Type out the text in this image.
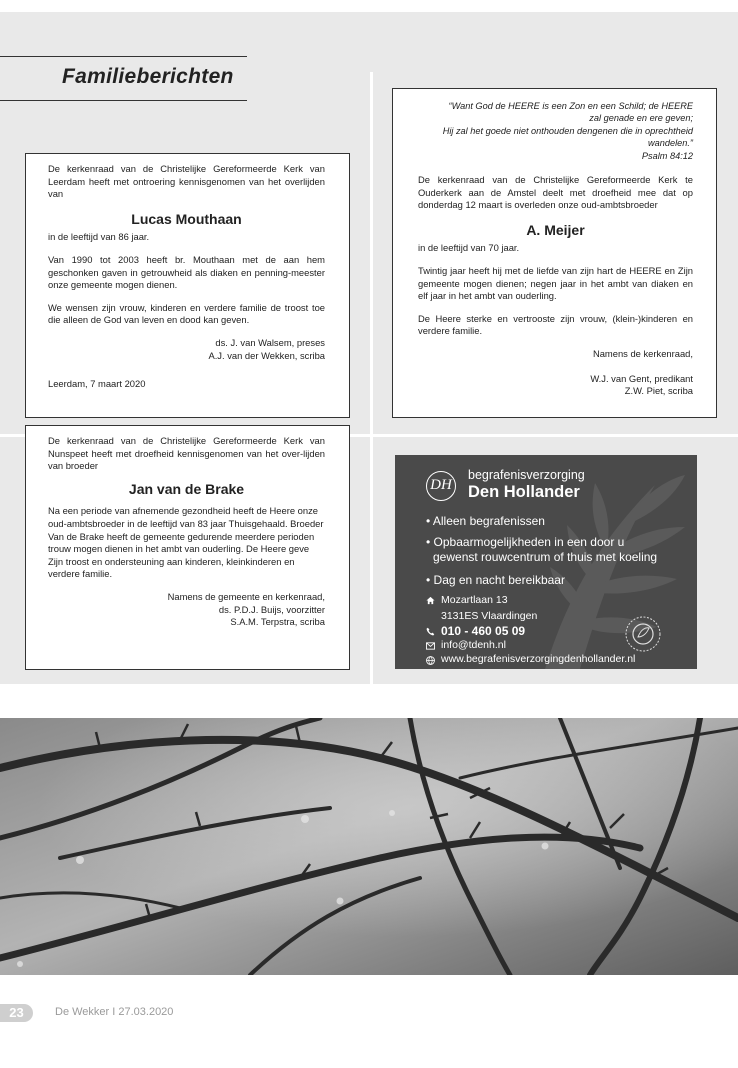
Familieberichten

De kerkenraad van de Christelijke Gereformeerde Kerk van Leerdam heeft met ontroering kennisgenomen van het overlijden van

Lucas Mouthaan

in de leeftijd van 86 jaar.

Van 1990 tot 2003 heeft br. Mouthaan met de aan hem geschonken gaven in getrouwheid als diaken en penning-meester onze gemeente mogen dienen.

We wensen zijn vrouw, kinderen en verdere familie de troost toe die alleen de God van leven en dood kan geven.

ds. J. van Walsem, preses

A.J. van der Wekken, scriba

Leerdam, 7 maart 2020

“Want God de HEERE is een Zon en een Schild; de HEERE

zal genade en ere geven;

Hij zal het goede niet onthouden dengenen die in oprechtheid

wandelen.”

Psalm 84:12

De kerkenraad van de Christelijke Gereformeerde Kerk te Ouderkerk aan de Amstel deelt met droefheid mee dat op donderdag 12 maart is overleden onze oud-ambtsbroeder

A. Meijer

in de leeftijd van 70 jaar.

Twintig jaar heeft hij met de liefde van zijn hart de HEERE en Zijn gemeente mogen dienen; negen jaar in het ambt van diaken en elf jaar in het ambt van ouderling.

De Heere sterke en vertrooste zijn vrouw, (klein-)kinderen en verdere familie.

Namens de kerkenraad,

W.J. van Gent, predikant

Z.W. Piet, scriba

De kerkenraad van de Christelijke Gereformeerde Kerk van Nunspeet heeft met droefheid kennisgenomen van het over-lijden van broeder

Jan van de Brake

Na een periode van afnemende gezondheid heeft de Heere onze oud-ambtsbroeder in de leeftijd van 83 jaar Thuisgehaald. Broeder Van de Brake heeft de gemeente gedurende meerdere perioden trouw mogen dienen in het ambt van ouderling. De Heere geve Zijn troost en ondersteuning aan kinderen, kleinkinderen en verdere familie.

Namens de gemeente en kerkenraad,

ds. P.D.J. Buijs, voorzitter

S.A.M. Terpstra, scriba

DH
begrafenisverzorging
Den Hollander
• Alleen begrafenissen
• Opbaarmogelijkheden in een door u
gewenst rouwcentrum of thuis met koeling
• Dag en nacht bereikbaar
Mozartlaan 13
3131ES Vlaardingen
010 - 460 05 09
info@tdenh.nl
www.begrafenisverzorgingdenhollander.nl
23	De Wekker I 27.03.2020
